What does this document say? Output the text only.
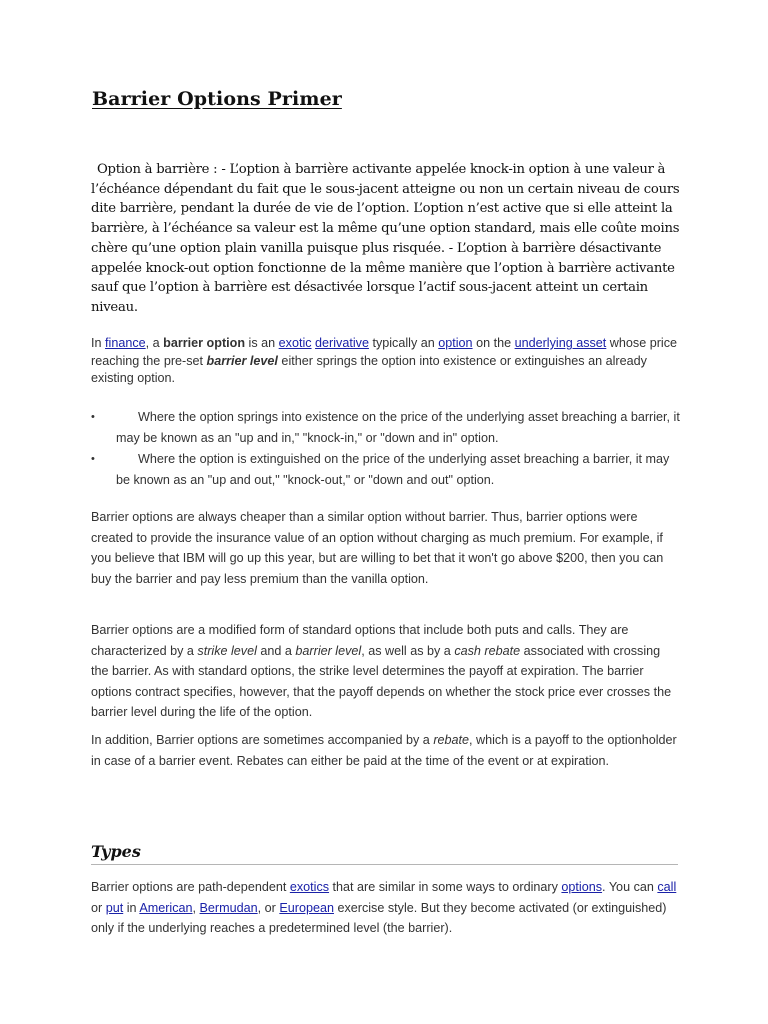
Barrier Options Primer

Option à barrière : - L’option à barrière activante appelée knock-in option à une valeur à l’échéance dépendant du fait que le sous-jacent atteigne ou non un certain niveau de cours dite barrière, pendant la durée de vie de l’option. L’option n’est active que si elle atteint la barrière, à l’échéance sa valeur est la même qu’une option standard, mais elle coûte moins chère qu’une option plain vanilla puisque plus risquée. - L’option à barrière désactivante appelée knock-out option fonctionne de la même manière que l’option à barrière activante sauf que l’option à barrière est désactivée lorsque l’actif sous-jacent atteint un certain niveau.

In finance, a barrier option is an exotic derivative typically an option on the underlying asset whose price reaching the pre-set barrier level either springs the option into existence or extinguishes an already existing option.

•	Where the option springs into existence on the price of the underlying asset breaching a barrier, it may be known as an "up and in," "knock-in," or "down and in" option.
•	Where the option is extinguished on the price of the underlying asset breaching a barrier, it may be known as an "up and out," "knock-out," or "down and out" option.

Barrier options are always cheaper than a similar option without barrier. Thus, barrier options were created to provide the insurance value of an option without charging as much premium. For example, if you believe that IBM will go up this year, but are willing to bet that it won't go above $200, then you can buy the barrier and pay less premium than the vanilla option.

Barrier options are a modified form of standard options that include both puts and calls. They are characterized by a strike level and a barrier level, as well as by a cash rebate associated with crossing the barrier. As with standard options, the strike level determines the payoff at expiration. The barrier options contract specifies, however, that the payoff depends on whether the stock price ever crosses the barrier level during the life of the option.

In addition, Barrier options are sometimes accompanied by a rebate, which is a payoff to the optionholder in case of a barrier event. Rebates can either be paid at the time of the event or at expiration.

Types

Barrier options are path-dependent exotics that are similar in some ways to ordinary options. You can call or put in American, Bermudan, or European exercise style. But they become activated (or extinguished) only if the underlying reaches a predetermined level (the barrier).
